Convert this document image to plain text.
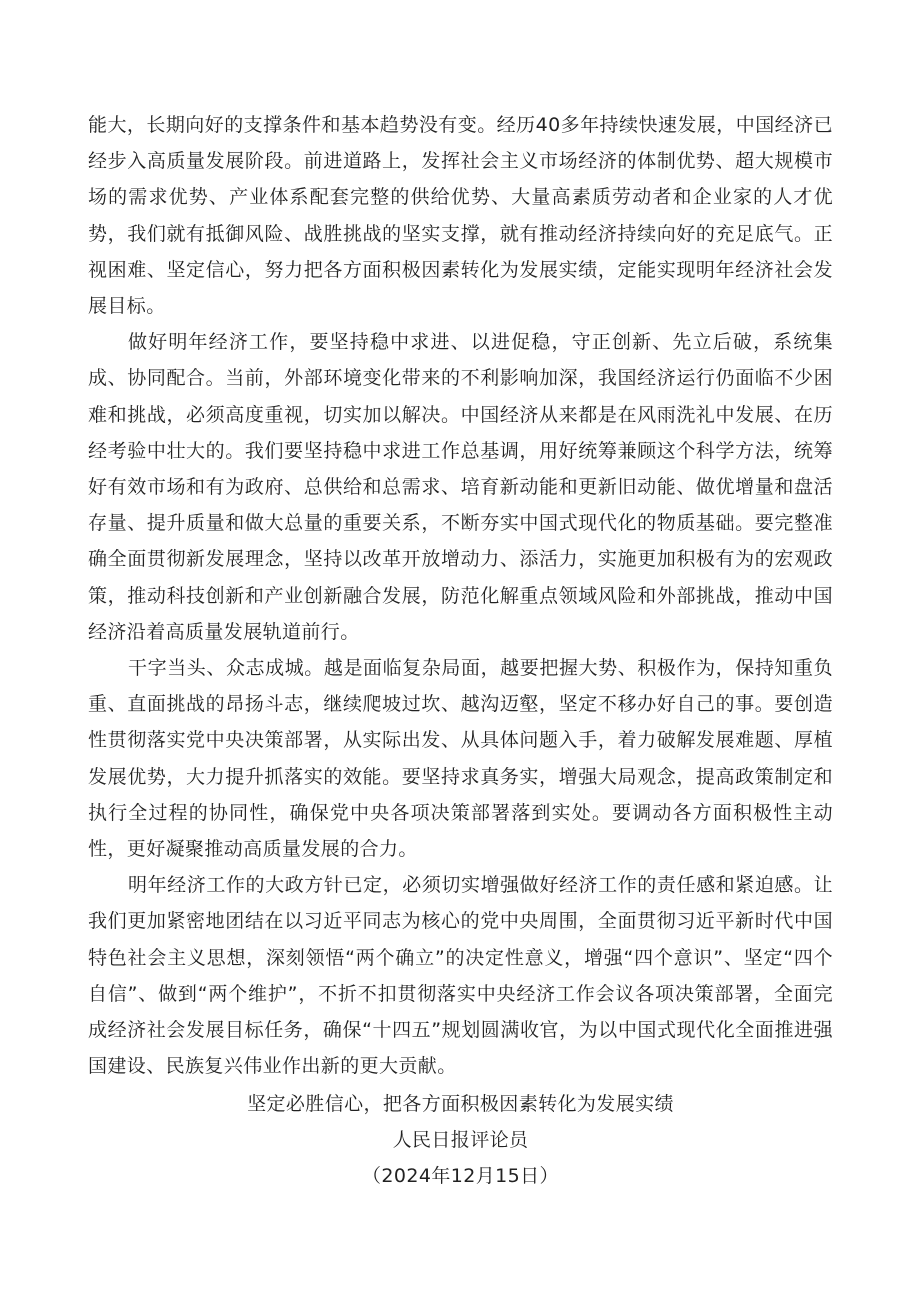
能大，长期向好的支撑条件和基本趋势没有变。经历40多年持续快速发展，中国经济已经步入高质量发展阶段。前进道路上，发挥社会主义市场经济的体制优势、超大规模市场的需求优势、产业体系配套完整的供给优势、大量高素质劳动者和企业家的人才优势，我们就有抵御风险、战胜挑战的坚实支撑，就有推动经济持续向好的充足底气。正视困难、坚定信心，努力把各方面积极因素转化为发展实绩，定能实现明年经济社会发展目标。

做好明年经济工作，要坚持稳中求进、以进促稳，守正创新、先立后破，系统集成、协同配合。当前，外部环境变化带来的不利影响加深，我国经济运行仍面临不少困难和挑战，必须高度重视，切实加以解决。中国经济从来都是在风雨洗礼中发展、在历经考验中壮大的。我们要坚持稳中求进工作总基调，用好统筹兼顾这个科学方法，统筹好有效市场和有为政府、总供给和总需求、培育新动能和更新旧动能、做优增量和盘活存量、提升质量和做大总量的重要关系，不断夯实中国式现代化的物质基础。要完整准确全面贯彻新发展理念，坚持以改革开放增动力、添活力，实施更加积极有为的宏观政策，推动科技创新和产业创新融合发展，防范化解重点领域风险和外部挑战，推动中国经济沿着高质量发展轨道前行。

干字当头、众志成城。越是面临复杂局面，越要把握大势、积极作为，保持知重负重、直面挑战的昂扬斗志，继续爬坡过坎、越沟迈壑，坚定不移办好自己的事。要创造性贯彻落实党中央决策部署，从实际出发、从具体问题入手，着力破解发展难题、厚植发展优势，大力提升抓落实的效能。要坚持求真务实，增强大局观念，提高政策制定和执行全过程的协同性，确保党中央各项决策部署落到实处。要调动各方面积极性主动性，更好凝聚推动高质量发展的合力。

明年经济工作的大政方针已定，必须切实增强做好经济工作的责任感和紧迫感。让我们更加紧密地团结在以习近平同志为核心的党中央周围，全面贯彻习近平新时代中国特色社会主义思想，深刻领悟“两个确立”的决定性意义，增强“四个意识”、坚定“四个自信”、做到“两个维护”，不折不扣贯彻落实中央经济工作会议各项决策部署，全面完成经济社会发展目标任务，确保“十四五”规划圆满收官，为以中国式现代化全面推进强国建设、民族复兴伟业作出新的更大贡献。

坚定必胜信心，把各方面积极因素转化为发展实绩
人民日报评论员
（2024年12月15日）
